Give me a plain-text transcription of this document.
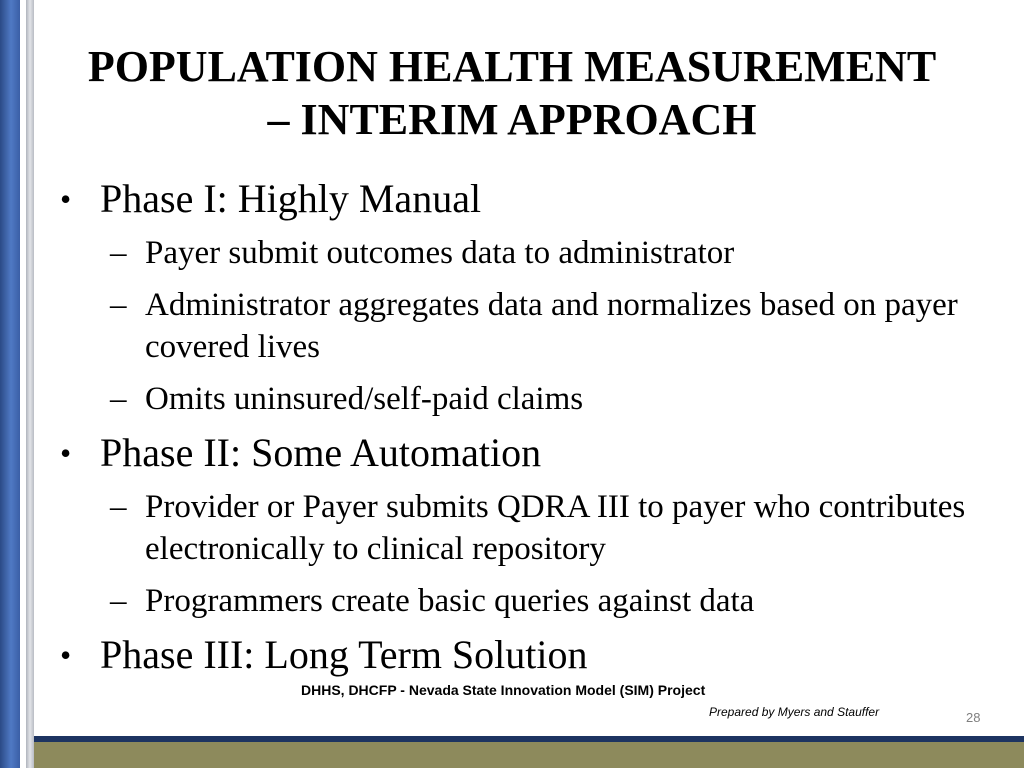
POPULATION HEALTH MEASUREMENT
– INTERIM APPROACH
• Phase I: Highly Manual
– Payer submit outcomes data to administrator
– Administrator aggregates data and normalizes based on payer covered lives
– Omits uninsured/self-paid claims
• Phase II: Some Automation
– Provider or Payer submits QDRA III to payer who contributes electronically to clinical repository
– Programmers create basic queries against data
• Phase III: Long Term Solution
DHHS, DHCFP - Nevada State Innovation Model (SIM) Project
Prepared by Myers and Stauffer	28
